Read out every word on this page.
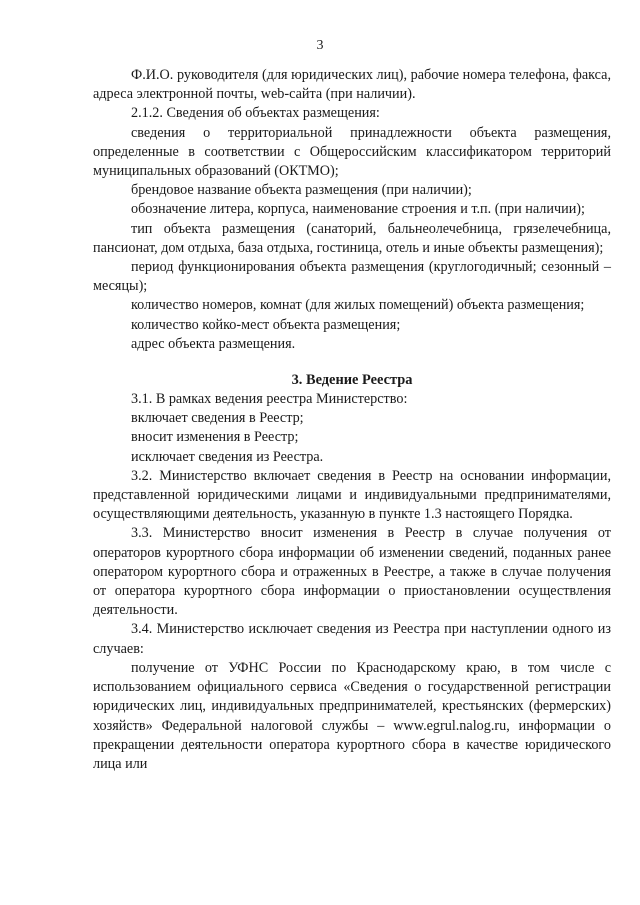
3

Ф.И.О. руководителя (для юридических лиц), рабочие номера телефона, факса, адреса электронной почты, web-сайта (при наличии).

2.1.2. Сведения об объектах размещения:

сведения о территориальной принадлежности объекта размещения, определенные в соответствии с Общероссийским классификатором территорий муниципальных образований (ОКТМО);

брендовое название объекта размещения (при наличии);

обозначение литера, корпуса, наименование строения и т.п. (при наличии);

тип объекта размещения (санаторий, бальнеолечебница, грязелечебница, пансионат, дом отдыха, база отдыха, гостиница, отель и иные объекты размещения);

период функционирования объекта размещения (круглогодичный; сезонный – месяцы);

количество номеров, комнат (для жилых помещений) объекта размещения;

количество койко-мест объекта размещения;

адрес объекта размещения.

3. Ведение Реестра

3.1. В рамках ведения реестра Министерство:

включает сведения в Реестр;

вносит изменения в Реестр;

исключает сведения из Реестра.

3.2. Министерство включает сведения в Реестр на основании информации, представленной юридическими лицами и индивидуальными предпринимателями, осуществляющими деятельность, указанную в пункте 1.3 настоящего Порядка.

3.3. Министерство вносит изменения в Реестр в случае получения от операторов курортного сбора информации об изменении сведений, поданных ранее оператором курортного сбора и отраженных в Реестре, а также в случае получения от оператора курортного сбора информации о приостановлении осуществления деятельности.

3.4. Министерство исключает сведения из Реестра при наступлении одного из случаев:

получение от УФНС России по Краснодарскому краю, в том числе с использованием официального сервиса «Сведения о государственной регистрации юридических лиц, индивидуальных предпринимателей, крестьянских (фермерских) хозяйств» Федеральной налоговой службы – www.egrul.nalog.ru, информации о прекращении деятельности оператора курортного сбора в качестве юридического лица или
